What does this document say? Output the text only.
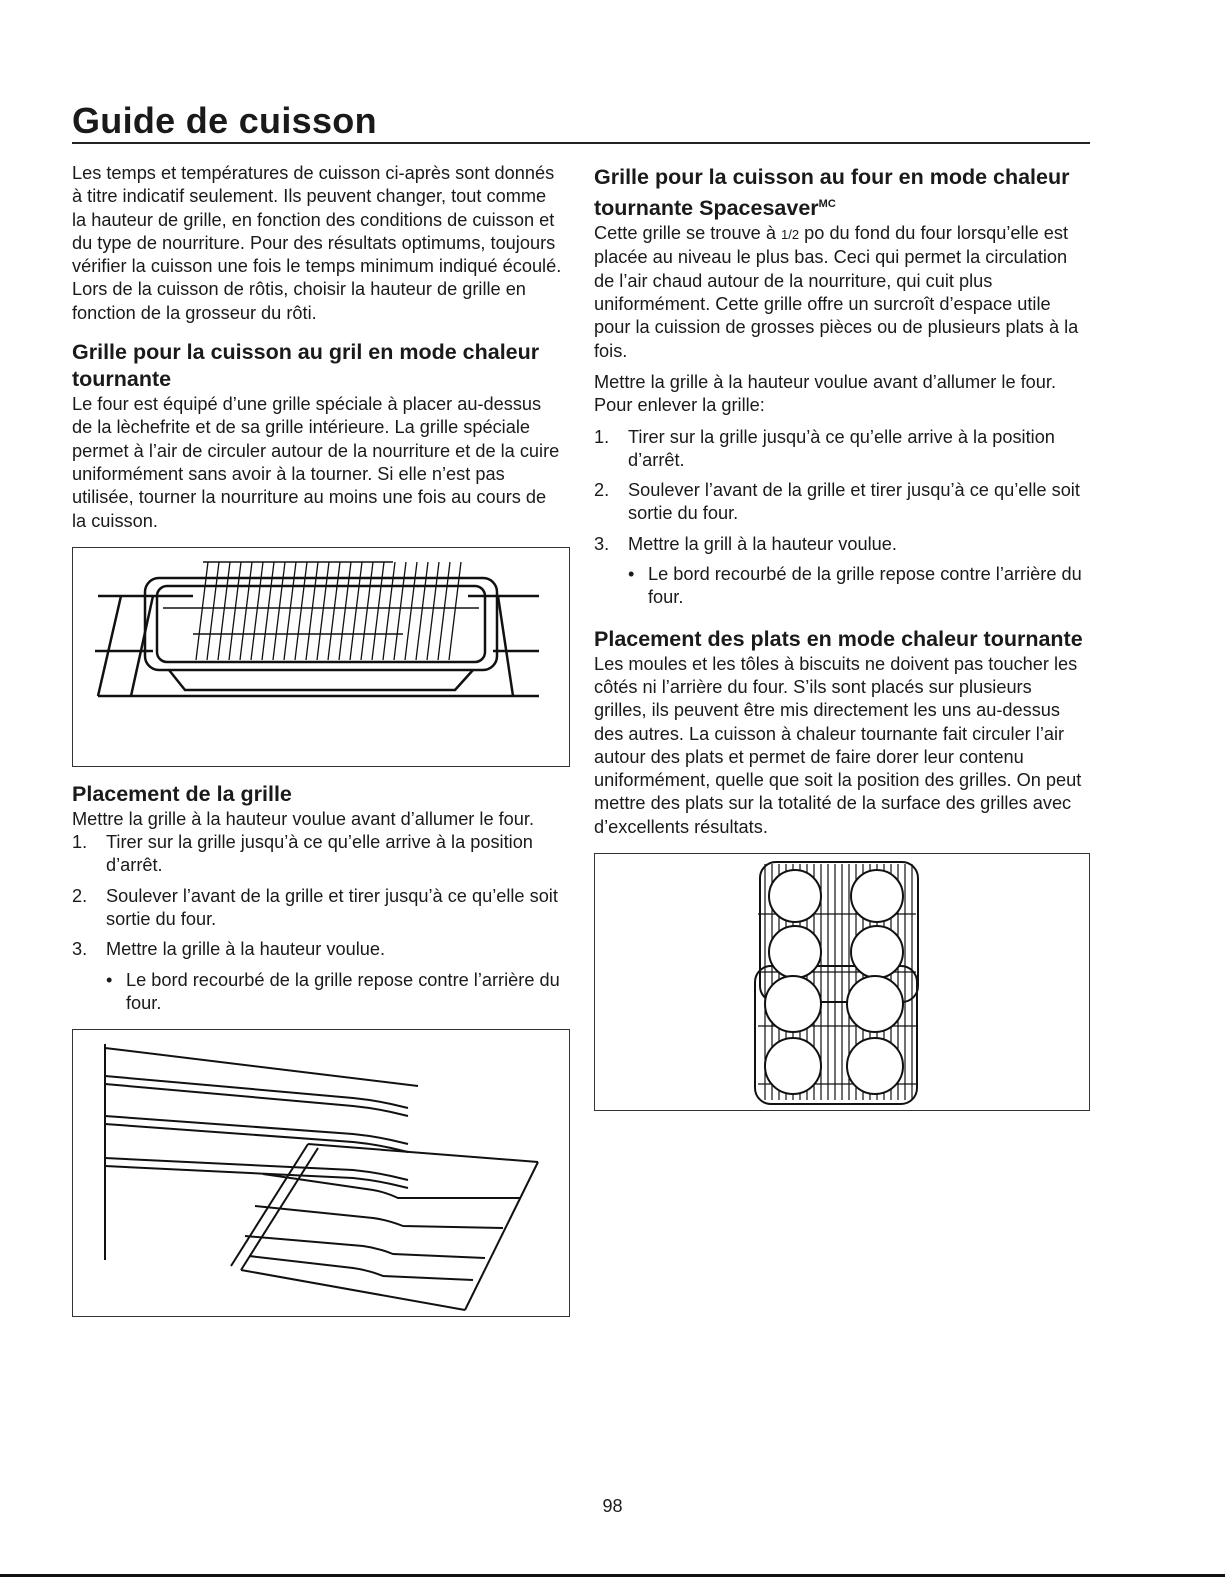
Guide de cuisson

Les temps et températures de cuisson ci-après sont donnés à titre indicatif seulement. Ils peuvent changer, tout comme la hauteur de grille, en fonction des conditions de cuisson et du type de nourriture. Pour des résultats optimums, toujours vérifier la cuisson une fois le temps minimum indiqué écoulé. Lors de la cuisson de rôtis, choisir la hauteur de grille en fonction de la grosseur du rôti.

Grille pour la cuisson au gril en mode chaleur tournante

Le four est équipé d’une grille spéciale à placer au-dessus de la lèchefrite et de sa grille intérieure. La grille spéciale permet à l’air de circuler autour de la nourriture et de la cuire uniformément sans avoir à la tourner. Si elle n’est pas utilisée, tourner la nourriture au moins une fois au cours de la cuisson.

Placement de la grille

Mettre la grille à la hauteur voulue avant d’allumer le four.

1.	Tirer sur la grille jusqu’à ce qu’elle arrive à la position d’arrêt.
2.	Soulever l’avant de la grille et tirer jusqu’à ce qu’elle soit sortie du four.
3.	Mettre la grille à la hauteur voulue.
• Le bord recourbé de la grille repose contre l’arrière du four.
Grille pour la cuisson au four en mode chaleur tournante Spacesaver$^{MC}$

Cette grille se trouve à 1/2 po du fond du four lorsqu’elle est placée au niveau le plus bas. Ceci qui permet la circulation de l’air chaud autour de la nourriture, qui cuit plus uniformément. Cette grille offre un surcroît d’espace utile pour la cuission de grosses pièces ou de plusieurs plats à la fois.

Mettre la grille à la hauteur voulue avant d’allumer le four. Pour enlever la grille:

1.	Tirer sur la grille jusqu’à ce qu’elle arrive à la position d’arrêt.
2.	Soulever l’avant de la grille et tirer jusqu’à ce qu’elle soit sortie du four.
3.	Mettre la grill à la hauteur voulue.
• Le bord recourbé de la grille repose contre l’arrière du four.
Placement des plats en mode chaleur tournante

Les moules et les tôles à biscuits ne doivent pas toucher les côtés ni l’arrière du four. S’ils sont placés sur plusieurs grilles, ils peuvent être mis directement les uns au-dessus des autres. La cuisson à chaleur tournante fait circuler l’air autour des plats et permet de faire dorer leur contenu uniformément, quelle que soit la position des grilles. On peut mettre des plats sur la totalité de la surface des grilles avec d’excellents résultats.

98
